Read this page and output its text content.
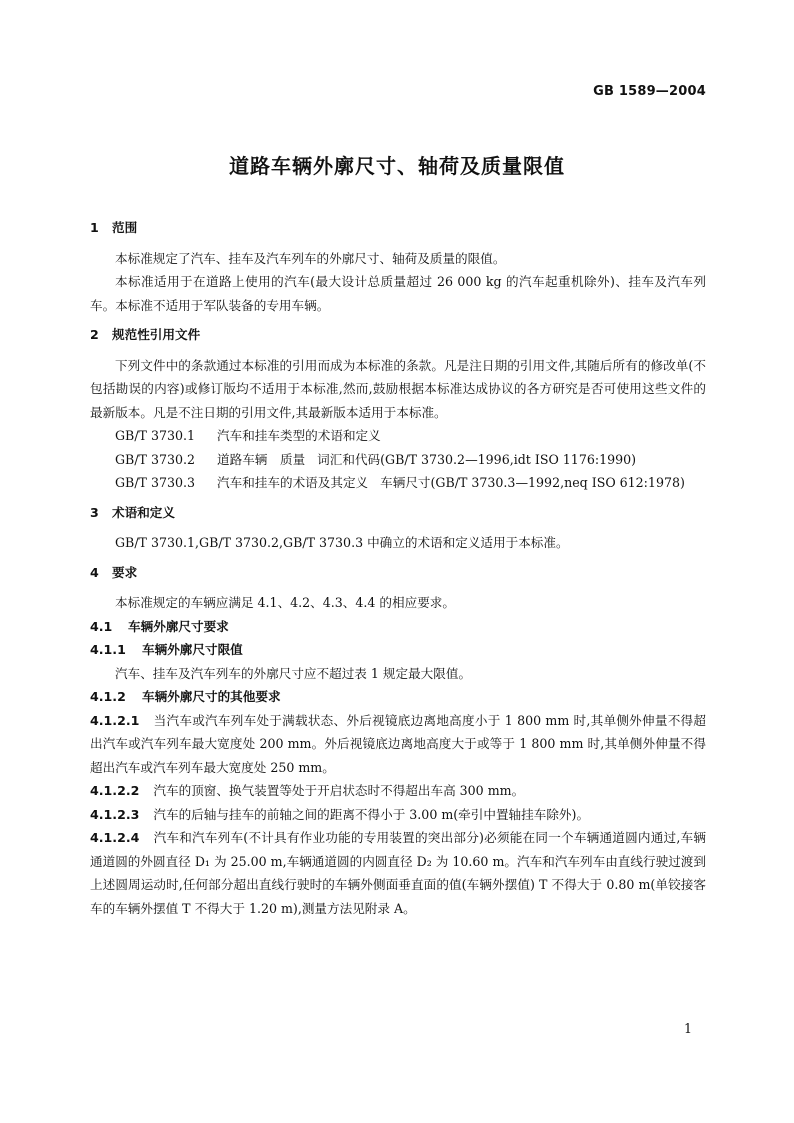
GB 1589—2004
道路车辆外廓尺寸、轴荷及质量限值
1 范围
本标准规定了汽车、挂车及汽车列车的外廓尺寸、轴荷及质量的限值。
本标准适用于在道路上使用的汽车(最大设计总质量超过 26 000 kg 的汽车起重机除外)、挂车及汽车列车。本标准不适用于军队装备的专用车辆。
2 规范性引用文件
下列文件中的条款通过本标准的引用而成为本标准的条款。凡是注日期的引用文件,其随后所有的修改单(不包括勘误的内容)或修订版均不适用于本标准,然而,鼓励根据本标准达成协议的各方研究是否可使用这些文件的最新版本。凡是不注日期的引用文件,其最新版本适用于本标准。
GB/T 3730.1 汽车和挂车类型的术语和定义
GB/T 3730.2 道路车辆　质量 词汇和代码(GB/T 3730.2—1996,idt ISO 1176:1990)
GB/T 3730.3 汽车和挂车的术语及其定义 车辆尺寸(GB/T 3730.3—1992,neq ISO 612:1978)
3 术语和定义
GB/T 3730.1,GB/T 3730.2,GB/T 3730.3 中确立的术语和定义适用于本标准。
4 要求
本标准规定的车辆应满足 4.1、4.2、4.3、4.4 的相应要求。
4.1 车辆外廓尺寸要求
4.1.1 车辆外廓尺寸限值
汽车、挂车及汽车列车的外廓尺寸应不超过表 1 规定最大限值。
4.1.2 车辆外廓尺寸的其他要求
4.1.2.1 当汽车或汽车列车处于满载状态、外后视镜底边离地高度小于 1 800 mm 时,其单侧外伸量不得超出汽车或汽车列车最大宽度处 200 mm。外后视镜底边离地高度大于或等于 1 800 mm 时,其单侧外伸量不得超出汽车或汽车列车最大宽度处 250 mm。
4.1.2.2 汽车的顶窗、换气装置等处于开启状态时不得超出车高 300 mm。
4.1.2.3 汽车的后轴与挂车的前轴之间的距离不得小于 3.00 m(牵引中置轴挂车除外)。
4.1.2.4 汽车和汽车列车(不计具有作业功能的专用装置的突出部分)必须能在同一个车辆通道圆内通过,车辆通道圆的外圆直径 D₁ 为 25.00 m,车辆通道圆的内圆直径 D₂ 为 10.60 m。汽车和汽车列车由直线行驶过渡到上述圆周运动时,任何部分超出直线行驶时的车辆外侧面垂直面的值(车辆外摆值) T 不得大于 0.80 m(单铰接客车的车辆外摆值 T 不得大于 1.20 m),测量方法见附录 A。
1
